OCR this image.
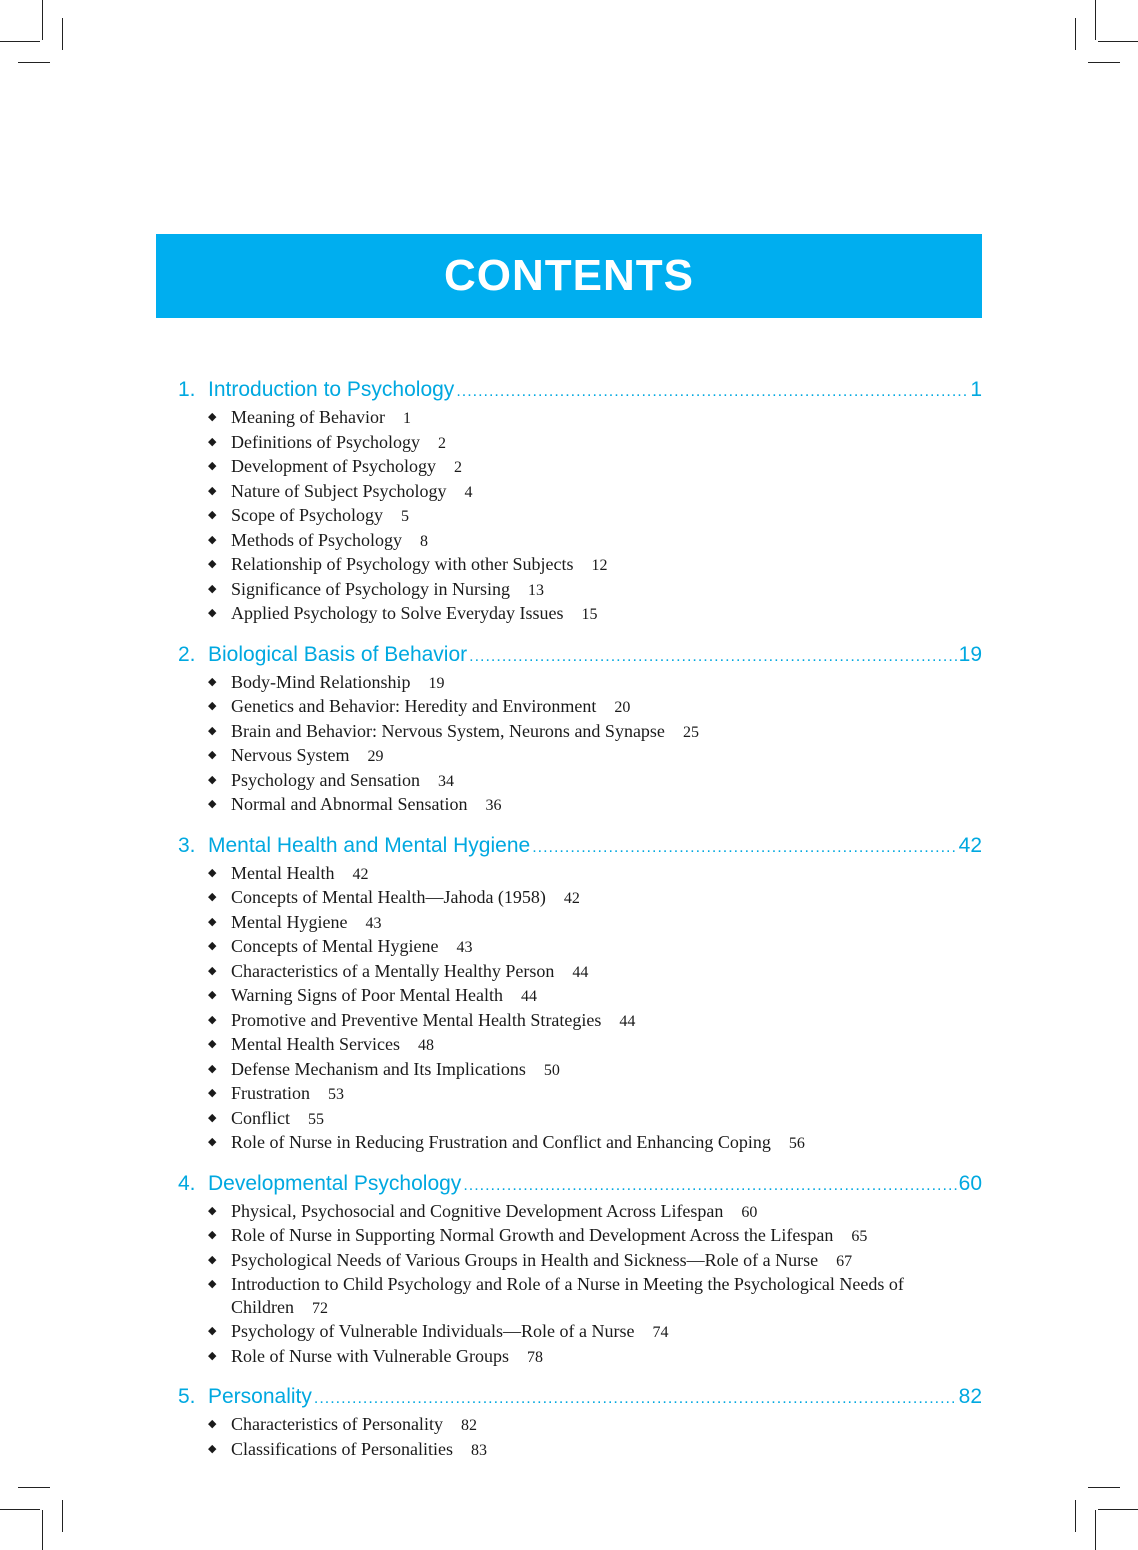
CONTENTS
1. Introduction to Psychology .....	1
◆ Meaning of Behavior 1
◆ Definitions of Psychology 2
◆ Development of Psychology 2
◆ Nature of Subject Psychology 4
◆ Scope of Psychology 5
◆ Methods of Psychology 8
◆ Relationship of Psychology with other Subjects 12
◆ Significance of Psychology in Nursing 13
◆ Applied Psychology to Solve Everyday Issues 15
2. Biological Basis of Behavior .....	19
◆ Body-Mind Relationship 19
◆ Genetics and Behavior: Heredity and Environment 20
◆ Brain and Behavior: Nervous System, Neurons and Synapse 25
◆ Nervous System 29
◆ Psychology and Sensation 34
◆ Normal and Abnormal Sensation 36
3. Mental Health and Mental Hygiene .....	42
◆ Mental Health 42
◆ Concepts of Mental Health—Jahoda (1958) 42
◆ Mental Hygiene 43
◆ Concepts of Mental Hygiene 43
◆ Characteristics of a Mentally Healthy Person 44
◆ Warning Signs of Poor Mental Health 44
◆ Promotive and Preventive Mental Health Strategies 44
◆ Mental Health Services 48
◆ Defense Mechanism and Its Implications 50
◆ Frustration 53
◆ Conflict 55
◆ Role of Nurse in Reducing Frustration and Conflict and Enhancing Coping 56
4. Developmental Psychology .....	60
◆ Physical, Psychosocial and Cognitive Development Across Lifespan 60
◆ Role of Nurse in Supporting Normal Growth and Development Across the Lifespan 65
◆ Psychological Needs of Various Groups in Health and Sickness—Role of a Nurse 67
◆ Introduction to Child Psychology and Role of a Nurse in Meeting the Psychological Needs of Children 72
◆ Psychology of Vulnerable Individuals—Role of a Nurse 74
◆ Role of Nurse with Vulnerable Groups 78
5. Personality .....	82
◆ Characteristics of Personality 82
◆ Classifications of Personalities 83
